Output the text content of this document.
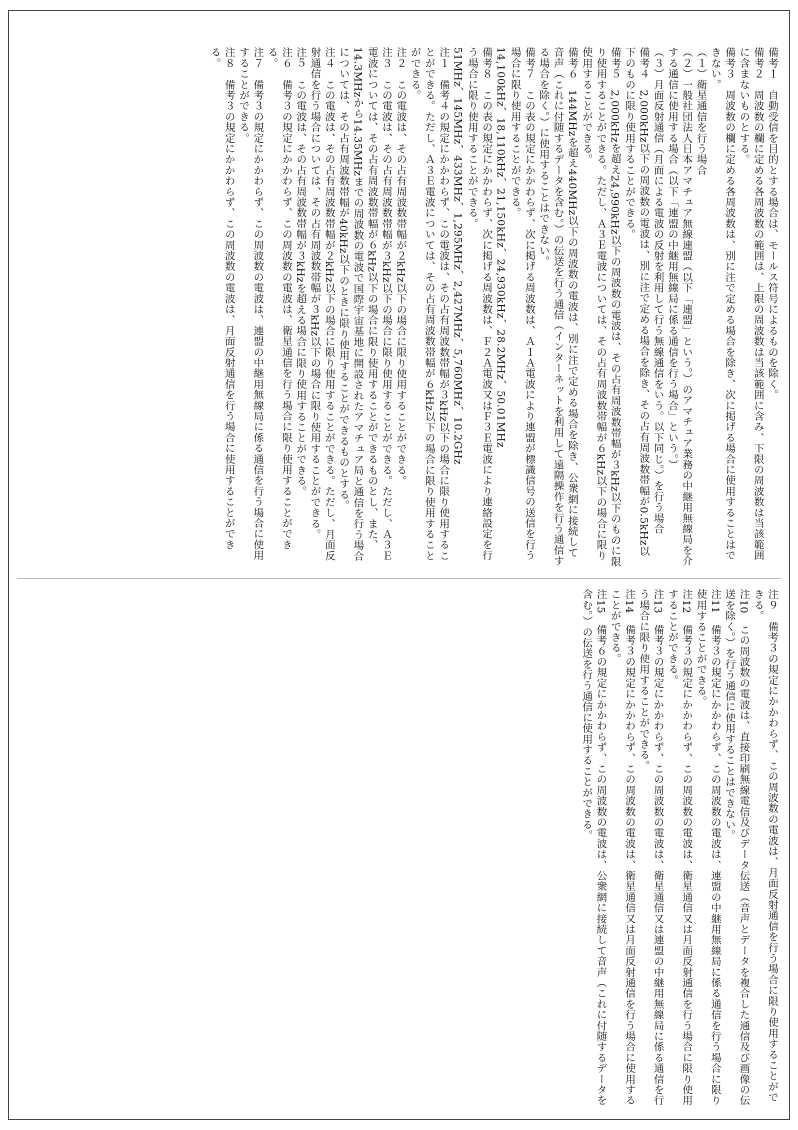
備考１　自動受信を目的とする場合は、モールス符号によるものを除く。
備考２　周波数の欄に定める各周波数の範囲は、上限の周波数は当該範囲に含み、下限の周波数は当該範囲に含まないものとする。
備考３　周波数の欄に定める各周波数は、別に注で定める場合を除き、次に掲げる場合に使用することはできない。
（１）衛星通信を行う場合
（２）一般社団法人日本アマチュア無線連盟（以下「連盟」という。）のアマチュア業務の中継用無線局を介する通信に使用する場合（以下「連盟の中継用無線局に係る通信を行う場合」という。）
（３）月面反射通信（月面による電波の反射を利用して行う無線通信をいう。以下同じ。）を行う場合
備考４　2,000kHz以下の周波数の電波は、別に注で定める場合を除き、その占有周波数帯幅が0.5kHz以下のものに限り使用することができる。
備考５　2,000kHzを超え24,990kHz以下の周波数の電波は、その占有周波数帯幅が３kHz以下のものに限り使用することができる。ただし、Ａ３Ｅ電波については、その占有周波数帯幅が６kHz以下の場合に限り使用することができる。
備考６　144MHzを超え440MHz以下の周波数の電波は、別に注で定める場合を除き、公衆網に接続して音声（これに付随するデータを含む。）の伝送を行う通信（インターネットを利用して遠隔操作を行う通信する場合を除く。）に使用することはできない。
備考７　この表の規定にかかわらず、次に掲げる周波数は、Ａ１Ａ電波により連盟が標識信号の送信を行う場合に限り使用することができる。
14,100kHz、18,110kHz、21,150kHz、24,930kHz、28.2MHz、50.01MHz
備考８　この表の規定にかかわらず、次に掲げる周波数は、Ｆ２Ａ電波又はＦ３Ｅ電波により連絡設定を行う場合に限り使用することができる。
51MHz、145MHz、433MHz、1,295MHz、2,427MHz、5,760MHz、10.2GHz
注１　備考４の規定にかかわらず、この電波は、その占有周波数帯幅が３kHz以下の場合に限り使用することができる。ただし、Ａ３Ｅ電波については、その占有周波数帯幅が６kHz以下の場合に限り使用することができる。
注２　この電波は、その占有周波数帯幅が２kHz以下の場合に限り使用することができる。
注３　この電波は、その占有周波数帯幅が３kHz以下の場合に限り使用することができる。ただし、Ａ３Ｅ電波については、その占有周波数帯幅が６kHz以下の場合に限り使用することができるものとし、また、14.3MHzから14.35MHzまでの周波数の電波で国際宇宙基地に開設されたアマチュア局と通信を行う場合については、その占有周波数帯幅が40kHz以下のときに限り使用することができるものとする。
注４　この電波は、その占有周波数帯幅が２kHz以下の場合に限り使用することができる。ただし、月面反射通信を行う場合については、その占有周波数帯幅が３kHz以下の場合に限り使用することができる。
注５　この電波は、その占有周波数帯幅が３kHzを超える場合に限り使用することができる。
注６　備考３の規定にかかわらず、この周波数の電波は、衛星通信を行う場合に限り使用することができる。
注７　備考３の規定にかかわらず、この周波数の電波は、連盟の中継用無線局に係る通信を行う場合に使用することができる。
注８　備考３の規定にかかわらず、この周波数の電波は、月面反射通信を行う場合に使用することができる。
注９　備考３の規定にかかわらず、この周波数の電波は、月面反射通信を行う場合に限り使用することができる。
注10　この周波数の電波は、直接印刷無線電信及びデータ伝送（音声とデータを複合した通信及び画像の伝送を除く。）を行う通信に使用することはできない。
注11　備考３の規定にかかわらず、この周波数の電波は、連盟の中継用無線局に係る通信を行う場合に限り使用することができる。
注12　備考３の規定にかかわらず、この周波数の電波は、衛星通信又は月面反射通信を行う場合に限り使用することができる。
注13　備考３の規定にかかわらず、この周波数の電波は、衛星通信又は連盟の中継用無線局に係る通信を行う場合に限り使用することができる。
注14　備考３の規定にかかわらず、この周波数の電波は、衛星通信又は月面反射通信を行う場合に使用することができる。
注15　備考６の規定にかかわらず、この周波数の電波は、公衆網に接続して音声（これに付随するデータを含む。）の伝送を行う通信に使用することができる。
